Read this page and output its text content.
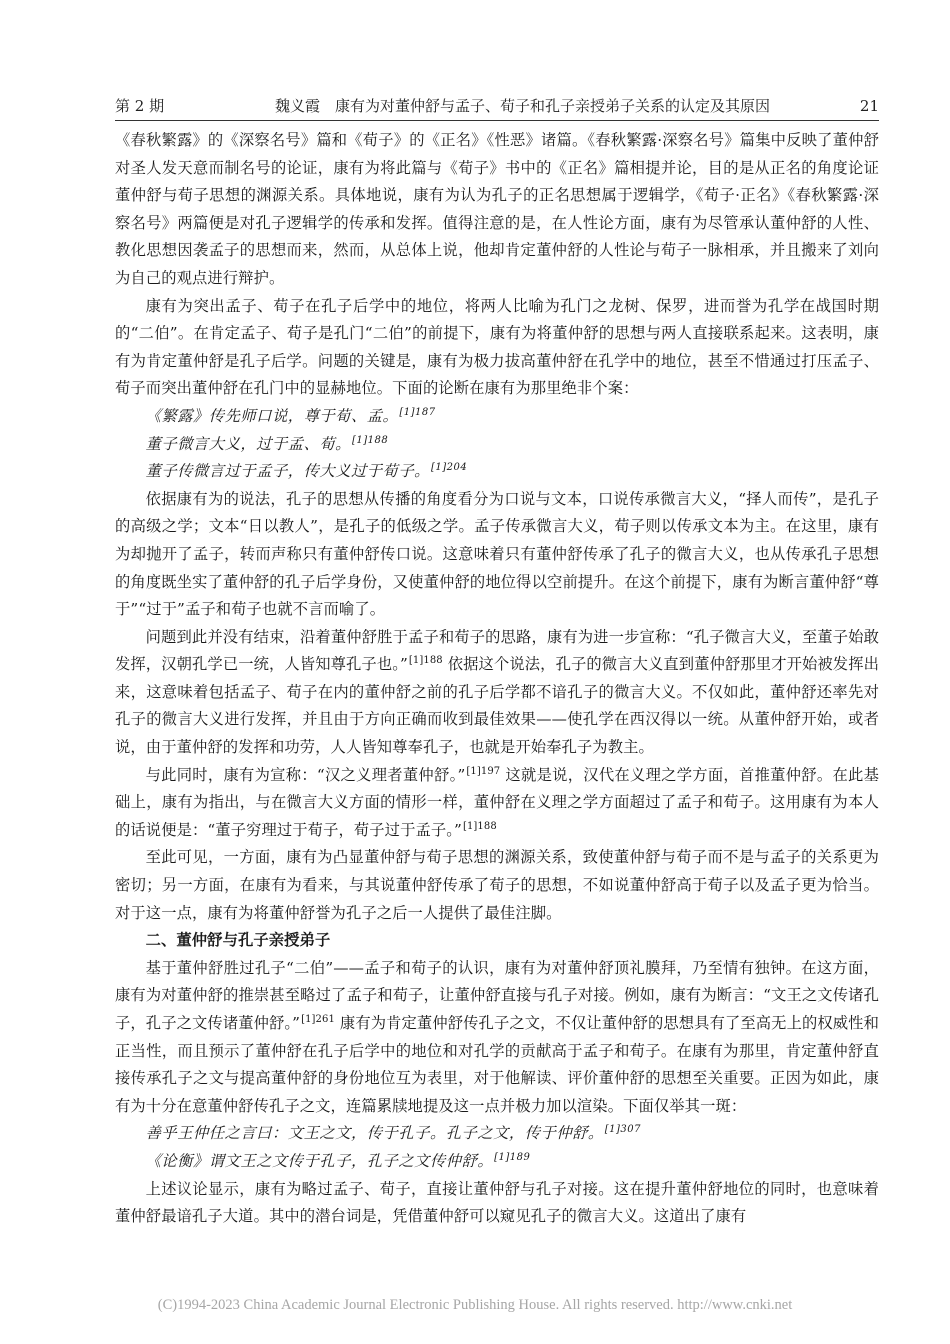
第 2 期	魏义霞　康有为对董仲舒与孟子、荀子和孔子亲授弟子关系的认定及其原因	21

《春秋繁露》的《深察名号》篇和《荀子》的《正名》《性恶》诸篇。《春秋繁露·深察名号》篇集中反映了董仲舒对圣人发天意而制名号的论证，康有为将此篇与《荀子》书中的《正名》篇相提并论，目的是从正名的角度论证董仲舒与荀子思想的渊源关系。具体地说，康有为认为孔子的正名思想属于逻辑学，《荀子·正名》《春秋繁露·深察名号》两篇便是对孔子逻辑学的传承和发挥。值得注意的是，在人性论方面，康有为尽管承认董仲舒的人性、教化思想因袭孟子的思想而来，然而，从总体上说，他却肯定董仲舒的人性论与荀子一脉相承，并且搬来了刘向为自己的观点进行辩护。

康有为突出孟子、荀子在孔子后学中的地位，将两人比喻为孔门之龙树、保罗，进而誉为孔学在战国时期的“二伯”。在肯定孟子、荀子是孔门“二伯”的前提下，康有为将董仲舒的思想与两人直接联系起来。这表明，康有为肯定董仲舒是孔子后学。问题的关键是，康有为极力拔高董仲舒在孔学中的地位，甚至不惜通过打压孟子、荀子而突出董仲舒在孔门中的显赫地位。下面的论断在康有为那里绝非个案：

《繁露》传先师口说，尊于荀、孟。$^{[1]187}$

董子微言大义，过于孟、荀。$^{[1]188}$

董子传微言过于孟子，传大义过于荀子。$^{[1]204}$

依据康有为的说法，孔子的思想从传播的角度看分为口说与文本，口说传承微言大义，“择人而传”，是孔子的高级之学；文本“日以教人”，是孔子的低级之学。孟子传承微言大义，荀子则以传承文本为主。在这里，康有为却抛开了孟子，转而声称只有董仲舒传口说。这意味着只有董仲舒传承了孔子的微言大义，也从传承孔子思想的角度既坐实了董仲舒的孔子后学身份，又使董仲舒的地位得以空前提升。在这个前提下，康有为断言董仲舒“尊于”“过于”孟子和荀子也就不言而喻了。

问题到此并没有结束，沿着董仲舒胜于孟子和荀子的思路，康有为进一步宣称：“孔子微言大义，至董子始敢发挥，汉朝孔学已一统，人皆知尊孔子也。”$^{[1]188}$ 依据这个说法，孔子的微言大义直到董仲舒那里才开始被发挥出来，这意味着包括孟子、荀子在内的董仲舒之前的孔子后学都不谙孔子的微言大义。不仅如此，董仲舒还率先对孔子的微言大义进行发挥，并且由于方向正确而收到最佳效果——使孔学在西汉得以一统。从董仲舒开始，或者说，由于董仲舒的发挥和功劳，人人皆知尊奉孔子，也就是开始奉孔子为教主。

与此同时，康有为宣称：“汉之义理者董仲舒。”$^{[1]197}$ 这就是说，汉代在义理之学方面，首推董仲舒。在此基础上，康有为指出，与在微言大义方面的情形一样，董仲舒在义理之学方面超过了孟子和荀子。这用康有为本人的话说便是：“董子穷理过于荀子，荀子过于孟子。”$^{[1]188}$

至此可见，一方面，康有为凸显董仲舒与荀子思想的渊源关系，致使董仲舒与荀子而不是与孟子的关系更为密切；另一方面，在康有为看来，与其说董仲舒传承了荀子的思想，不如说董仲舒高于荀子以及孟子更为恰当。对于这一点，康有为将董仲舒誉为孔子之后一人提供了最佳注脚。

二、董仲舒与孔子亲授弟子

基于董仲舒胜过孔子“二伯”——孟子和荀子的认识，康有为对董仲舒顶礼膜拜，乃至情有独钟。在这方面，康有为对董仲舒的推崇甚至略过了孟子和荀子，让董仲舒直接与孔子对接。例如，康有为断言：“文王之文传诸孔子，孔子之文传诸董仲舒。”$^{[1]261}$ 康有为肯定董仲舒传孔子之文，不仅让董仲舒的思想具有了至高无上的权威性和正当性，而且预示了董仲舒在孔子后学中的地位和对孔学的贡献高于孟子和荀子。在康有为那里，肯定董仲舒直接传承孔子之文与提高董仲舒的身份地位互为表里，对于他解读、评价董仲舒的思想至关重要。正因为如此，康有为十分在意董仲舒传孔子之文，连篇累牍地提及这一点并极力加以渲染。下面仅举其一斑：

善乎王仲任之言曰：文王之文，传于孔子。孔子之文，传于仲舒。$^{[1]307}$

《论衡》谓文王之文传于孔子，孔子之文传仲舒。$^{[1]189}$

上述议论显示，康有为略过孟子、荀子，直接让董仲舒与孔子对接。这在提升董仲舒地位的同时，也意味着董仲舒最谙孔子大道。其中的潜台词是，凭借董仲舒可以窥见孔子的微言大义。这道出了康有

(C)1994-2023 China Academic Journal Electronic Publishing House. All rights reserved. http://www.cnki.net
